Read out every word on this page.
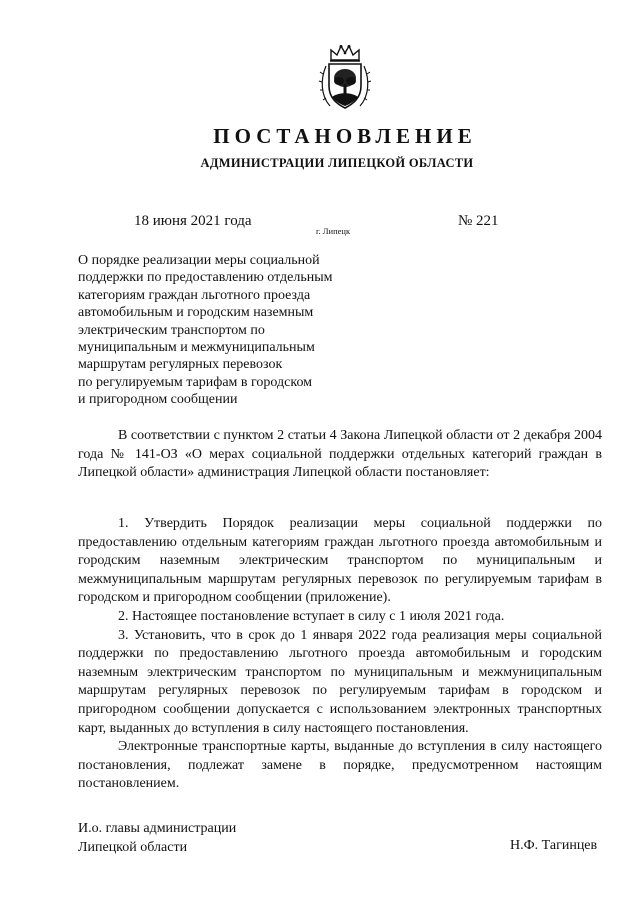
ПОСТАНОВЛЕНИЕ
АДМИНИСТРАЦИИ ЛИПЕЦКОЙ ОБЛАСТИ
18 июня 2021 года
г. Липецк
№ 221
О порядке реализации меры социальной
поддержки по предоставлению отдельным
категориям граждан льготного проезда
автомобильным и городским наземным
электрическим транспортом по
муниципальным и межмуниципальным
маршрутам регулярных перевозок
по регулируемым тарифам в городском
и пригородном сообщении

В соответствии с пунктом 2 статьи 4 Закона Липецкой области от 2 декабря 2004 года № 141-ОЗ «О мерах социальной поддержки отдельных категорий граждан в Липецкой области» администрация Липецкой области постановляет:

1. Утвердить Порядок реализации меры социальной поддержки по предоставлению отдельным категориям граждан льготного проезда автомобильным и городским наземным электрическим транспортом по муниципальным и межмуниципальным маршрутам регулярных перевозок по регулируемым тарифам в городском и пригородном сообщении (приложение).

2. Настоящее постановление вступает в силу с 1 июля 2021 года.

3. Установить, что в срок до 1 января 2022 года реализация меры социальной поддержки по предоставлению льготного проезда автомобильным и городским наземным электрическим транспортом по муниципальным и межмуниципальным маршрутам регулярных перевозок по регулируемым тарифам в городском и пригородном сообщении допускается с использованием электронных транспортных карт, выданных до вступления в силу настоящего постановления.

Электронные транспортные карты, выданные до вступления в силу настоящего постановления, подлежат замене в порядке, предусмотренном настоящим постановлением.

И.о. главы администрации
Липецкой области	Н.Ф. Тагинцев
